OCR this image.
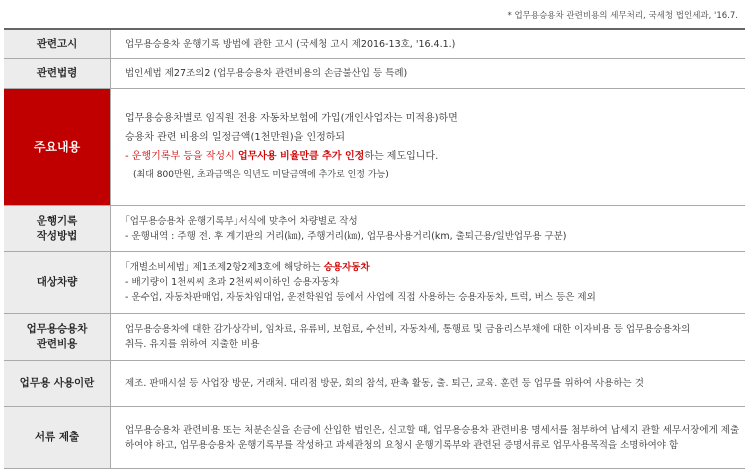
* 업무용승용차 관련비용의 세무처리, 국세청 법인세과, '16.7.
관련고시	업무용승용차 운행기록 방법에 관한 고시 (국세청 고시 제2016-13호, '16.4.1.)

관련법령	법인세법 제27조의2 (업무용승용차 관련비용의 손금불산입 등 특례)

주요내용	업무용승용차별로 임직원 전용 자동차보험에 가입(개인사업자는 미적용)하면
승용차 관련 비용의 일정금액(1천만원)을 인정하되
- 운행기록부 등을 작성시 업무사용 비율만큼 추가 인정하는 제도입니다.
(최대 800만원, 초과금액은 익년도 미달금액에 추가로 인정 가능)

운행기록
작성방법	｢업무용승용차 운행기록부｣서식에 맞추어 차량별로 작성
- 운행내역 : 주행 전. 후 계기판의 거리(㎞), 주행거리(㎞), 업무용사용거리(km, 출퇴근용/일반업무용 구분)

대상차량	｢개별소비세법｣ 제1조제2항2제3호에 해당하는 승용자동차
- 배기량이 1천씨씨 초과 2천씨씨이하인 승용자동차
- 운수업, 자동차판매업, 자동차임대업, 운전학원업 등에서 사업에 직접 사용하는 승용자동차, 트럭, 버스 등은 제외

업무용승용차
관련비용	업무용승용차에 대한 감가상각비, 임차료, 유류비, 보험료, 수선비, 자동차세, 통행료 및 금융리스부채에 대한 이자비용 등 업무용승용차의
취득. 유지를 위하여 지출한 비용

업무용 사용이란	제조. 판매시설 등 사업장 방문, 거래처. 대리점 방문, 회의 참석, 판촉 활동, 출. 퇴근, 교육. 훈련 등 업무를 위하여 사용하는 것

서류 제출	업무용승용차 관련비용 또는 처분손실을 손금에 산입한 법인은, 신고할 때, 업무용승용차 관련비용 명세서를 첨부하여 납세지 관할 세무서장에게 제출하여야 하고, 업무용승용차 운행기록부를 작성하고 과세관청의 요청시 운행기록부와 관련된 증명서류로 업무사용목적을 소명하여야 함
